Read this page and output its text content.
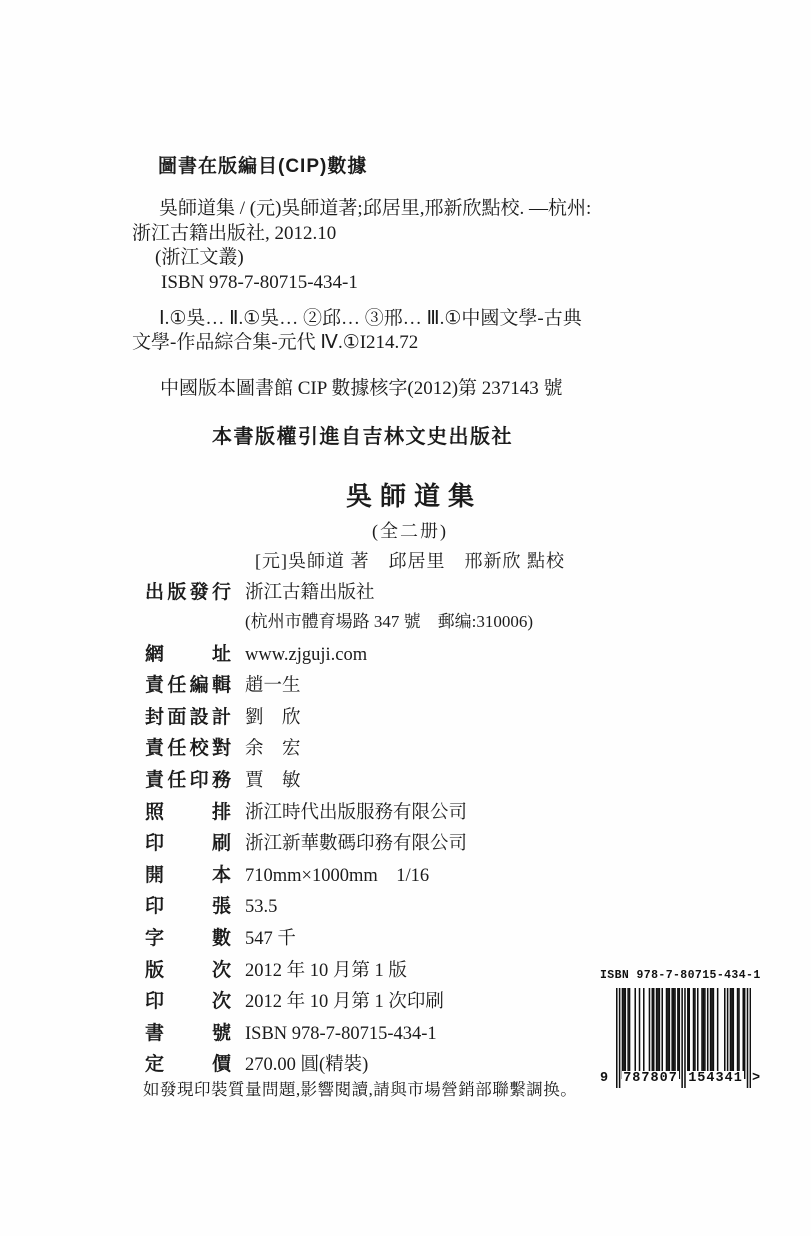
圖書在版編目(CIP)數據
吳師道集 / (元)吳師道著;邱居里,邢新欣點校. —杭州:
浙江古籍出版社, 2012.10
(浙江文叢)
ISBN 978-7-80715-434-1
Ⅰ.①吳… Ⅱ.①吳… ②邱… ③邢… Ⅲ.①中國文學-古典
文學-作品綜合集-元代 Ⅳ.①I214.72
中國版本圖書館 CIP 數據核字(2012)第 237143 號
本書版權引進自吉林文史出版社
吳師道集
(全二册)
[元]吳師道 著　邱居里　邢新欣 點校
出版發行 浙江古籍出版社
(杭州市體育場路 347 號　郵编:310006)
網址 www.zjguji.com
責任編輯 趙一生
封面設計 劉　欣
責任校對 余　宏
責任印務 賈　敏
照排 浙江時代出版服務有限公司
印刷 浙江新華數碼印務有限公司
開本 710mm×1000mm　1/16
印張 53.5
字數 547 千
版次 2012 年 10 月第 1 版
印次 2012 年 10 月第 1 次印刷
書號 ISBN 978-7-80715-434-1
定價 270.00 圓(精裝)
如發現印裝質量問題,影響閱讀,請與市場營銷部聯繫調换。
ISBN 978-7-80715-434-1
9 787807 154341 >
